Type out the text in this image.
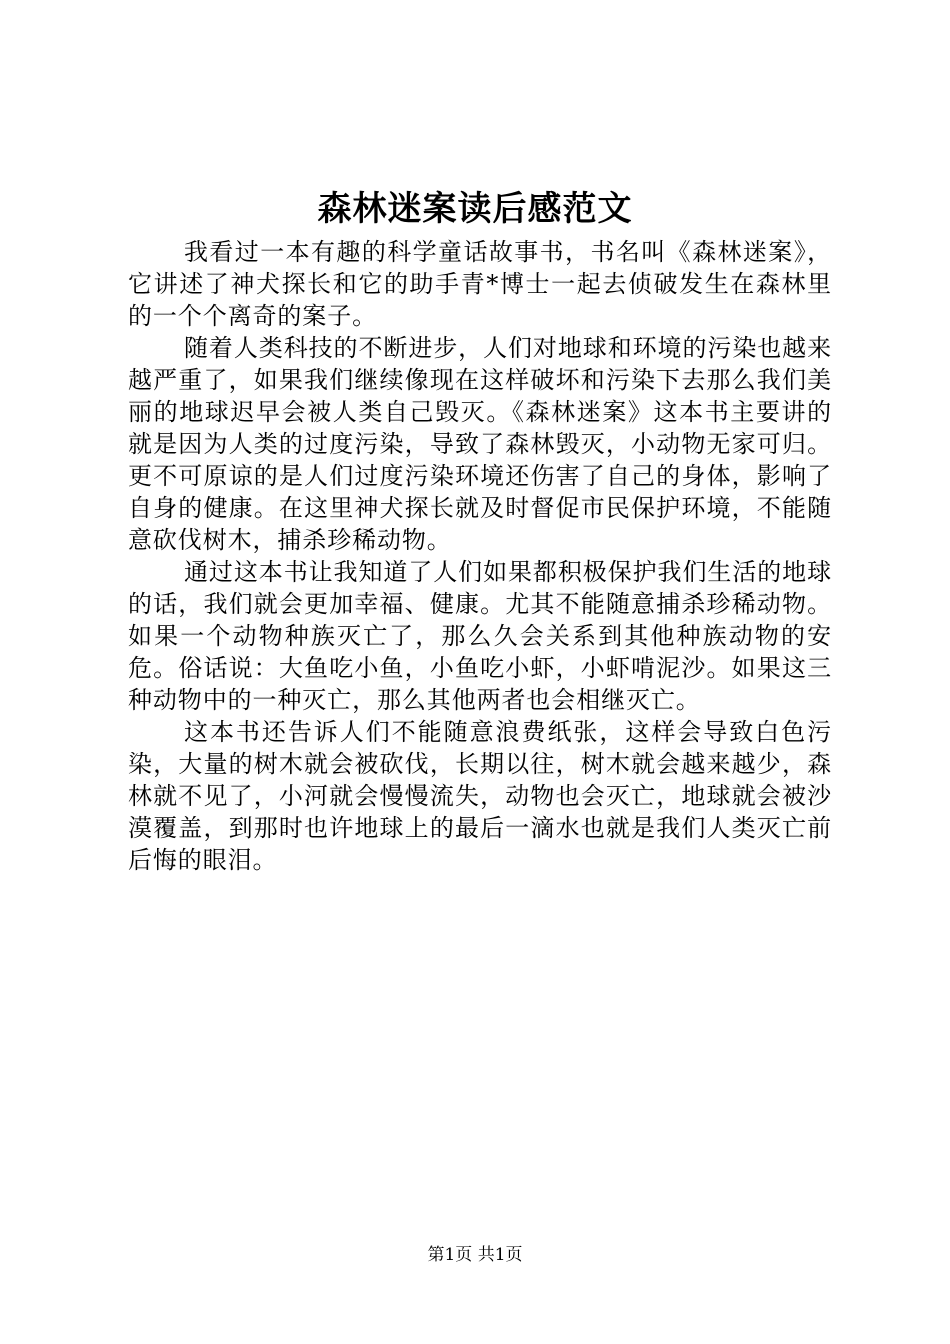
森林迷案读后感范文

我看过一本有趣的科学童话故事书，书名叫《森林迷案》，它讲述了神犬探长和它的助手青*博士一起去侦破发生在森林里的一个个离奇的案子。

随着人类科技的不断进步，人们对地球和环境的污染也越来越严重了，如果我们继续像现在这样破坏和污染下去那么我们美丽的地球迟早会被人类自己毁灭。《森林迷案》这本书主要讲的就是因为人类的过度污染，导致了森林毁灭，小动物无家可归。更不可原谅的是人们过度污染环境还伤害了自己的身体，影响了自身的健康。在这里神犬探长就及时督促市民保护环境，不能随意砍伐树木，捕杀珍稀动物。

通过这本书让我知道了人们如果都积极保护我们生活的地球的话，我们就会更加幸福、健康。尤其不能随意捕杀珍稀动物。如果一个动物种族灭亡了，那么久会关系到其他种族动物的安危。俗话说：大鱼吃小鱼，小鱼吃小虾，小虾啃泥沙。如果这三种动物中的一种灭亡，那么其他两者也会相继灭亡。

这本书还告诉人们不能随意浪费纸张，这样会导致白色污染，大量的树木就会被砍伐，长期以往，树木就会越来越少，森林就不见了，小河就会慢慢流失，动物也会灭亡，地球就会被沙漠覆盖，到那时也许地球上的最后一滴水也就是我们人类灭亡前后悔的眼泪。

第1页 共1页
